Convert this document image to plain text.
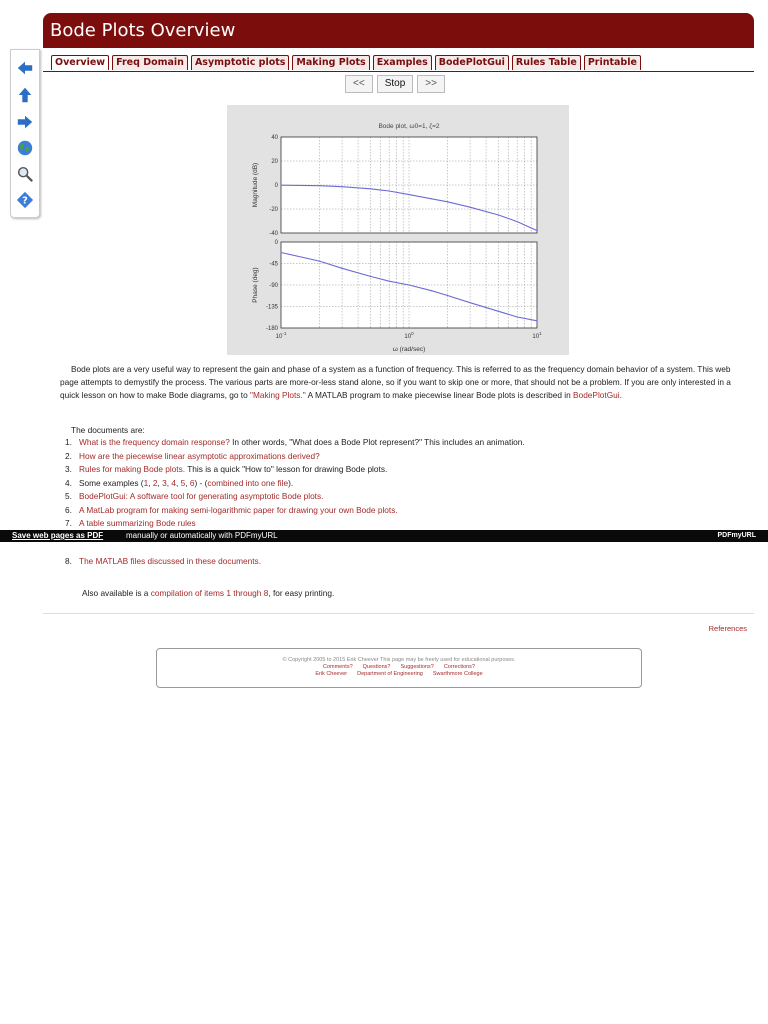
Bode Plots Overview
?
Overview	Freq Domain	Asymptotic plots	Making Plots	Examples	BodePlotGui	Rules Table	Printable
<<	Stop	>>
Bode plot, ω0=1, ζ=2
40
20
0
-20
-40
Magnitude (dB)
0
-45
-90
-135
-180
Phase (deg)
$10^{-1}$
$10^0$
$10^1$
ω (rad/sec)
Bode plots are a very useful way to represent the gain and phase of a system as a function of frequency. This is referred to as the frequency domain behavior of a system. This web page attempts to demystify the process. The various parts are more-or-less stand alone, so if you want to skip one or more, that should not be a problem. If you are only interested in a quick lesson on how to make Bode diagrams, go to "Making Plots." A MATLAB program to make piecewise linear Bode plots is described in BodePlotGui.
The documents are:
1. What is the frequency domain response? In other words, "What does a Bode Plot represent?" This includes an animation.
2. How are the piecewise linear asymptotic approximations derived?
3. Rules for making Bode plots. This is a quick "How to" lesson for drawing Bode plots.
4. Some examples (1, 2, 3, 4, 5, 6) - (combined into one file).
5. BodePlotGui: A software tool for generating asymptotic Bode plots.
6. A MatLab program for making semi-logarithmic paper for drawing your own Bode plots.
7. A table summarizing Bode rules
Save web pages as PDF	manually or automatically with PDFmyURL	PDFmyURL
8. The MATLAB files discussed in these documents.
Also available is a compilation of items 1 through 8, for easy printing.
References
© Copyright 2005 to 2015 Erik Cheever This page may be freely used for educational purposes.
Comments? Questions? Suggestions? Corrections?
Erik Cheever Department of Engineering Swarthmore College
